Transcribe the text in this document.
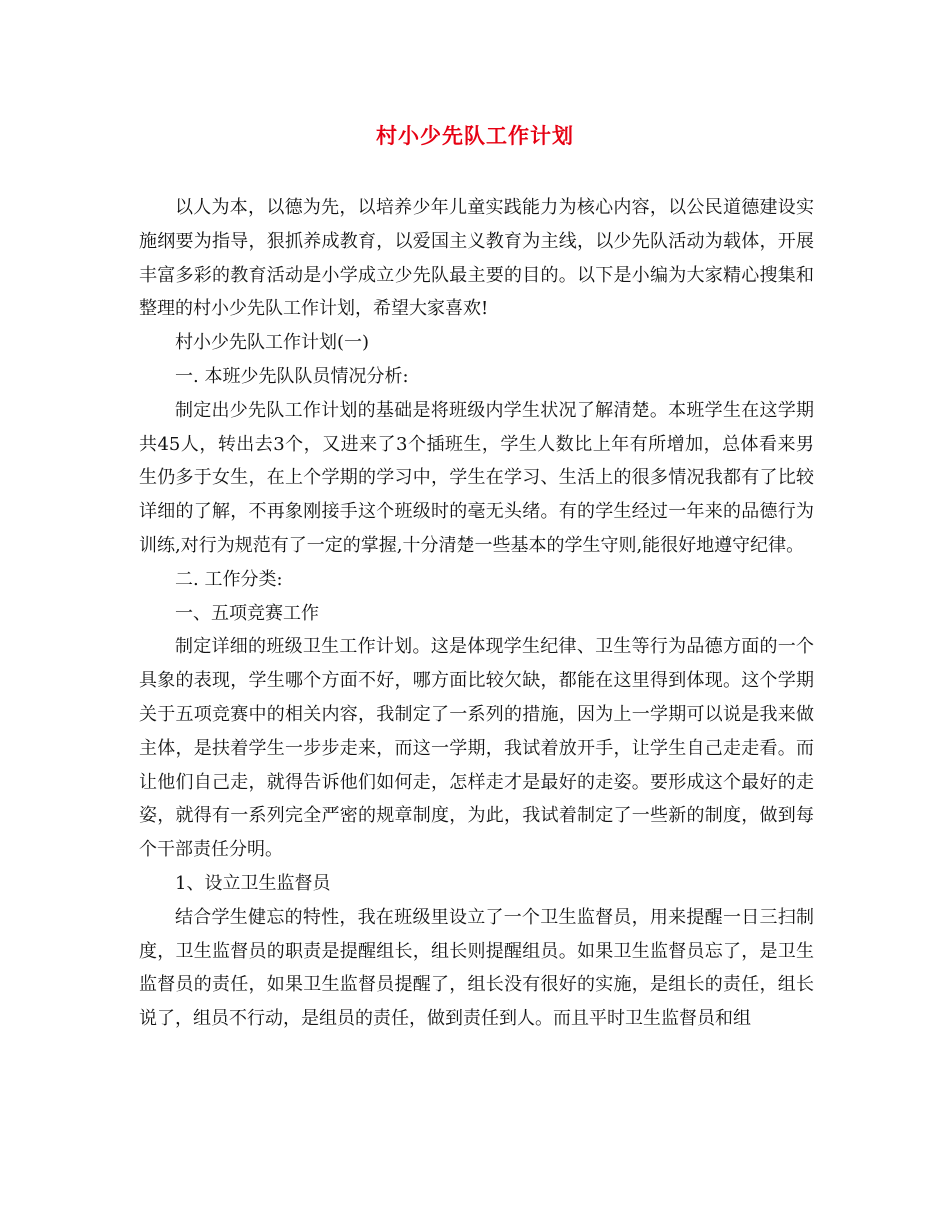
村小少先队工作计划

以人为本，以德为先，以培养少年儿童实践能力为核心内容，以公民道德建设实施纲要为指导，狠抓养成教育，以爱国主义教育为主线，以少先队活动为载体，开展丰富多彩的教育活动是小学成立少先队最主要的目的。以下是小编为大家精心搜集和整理的村小少先队工作计划，希望大家喜欢!

村小少先队工作计划(一)

一. 本班少先队队员情况分析:

制定出少先队工作计划的基础是将班级内学生状况了解清楚。本班学生在这学期共45人，转出去3个，又进来了3个插班生，学生人数比上年有所增加，总体看来男生仍多于女生，在上个学期的学习中，学生在学习、生活上的很多情况我都有了比较详细的了解，不再象刚接手这个班级时的毫无头绪。有的学生经过一年来的品德行为训练,对行为规范有了一定的掌握,十分清楚一些基本的学生守则,能很好地遵守纪律。

二. 工作分类:

一、五项竞赛工作

制定详细的班级卫生工作计划。这是体现学生纪律、卫生等行为品德方面的一个具象的表现，学生哪个方面不好，哪方面比较欠缺，都能在这里得到体现。这个学期关于五项竞赛中的相关内容，我制定了一系列的措施，因为上一学期可以说是我来做主体，是扶着学生一步步走来，而这一学期，我试着放开手，让学生自己走走看。而让他们自己走，就得告诉他们如何走，怎样走才是最好的走姿。要形成这个最好的走姿，就得有一系列完全严密的规章制度，为此，我试着制定了一些新的制度，做到每个干部责任分明。

1、设立卫生监督员

结合学生健忘的特性，我在班级里设立了一个卫生监督员，用来提醒一日三扫制度，卫生监督员的职责是提醒组长，组长则提醒组员。如果卫生监督员忘了，是卫生监督员的责任，如果卫生监督员提醒了，组长没有很好的实施，是组长的责任，组长说了，组员不行动，是组员的责任，做到责任到人。而且平时卫生监督员和组
